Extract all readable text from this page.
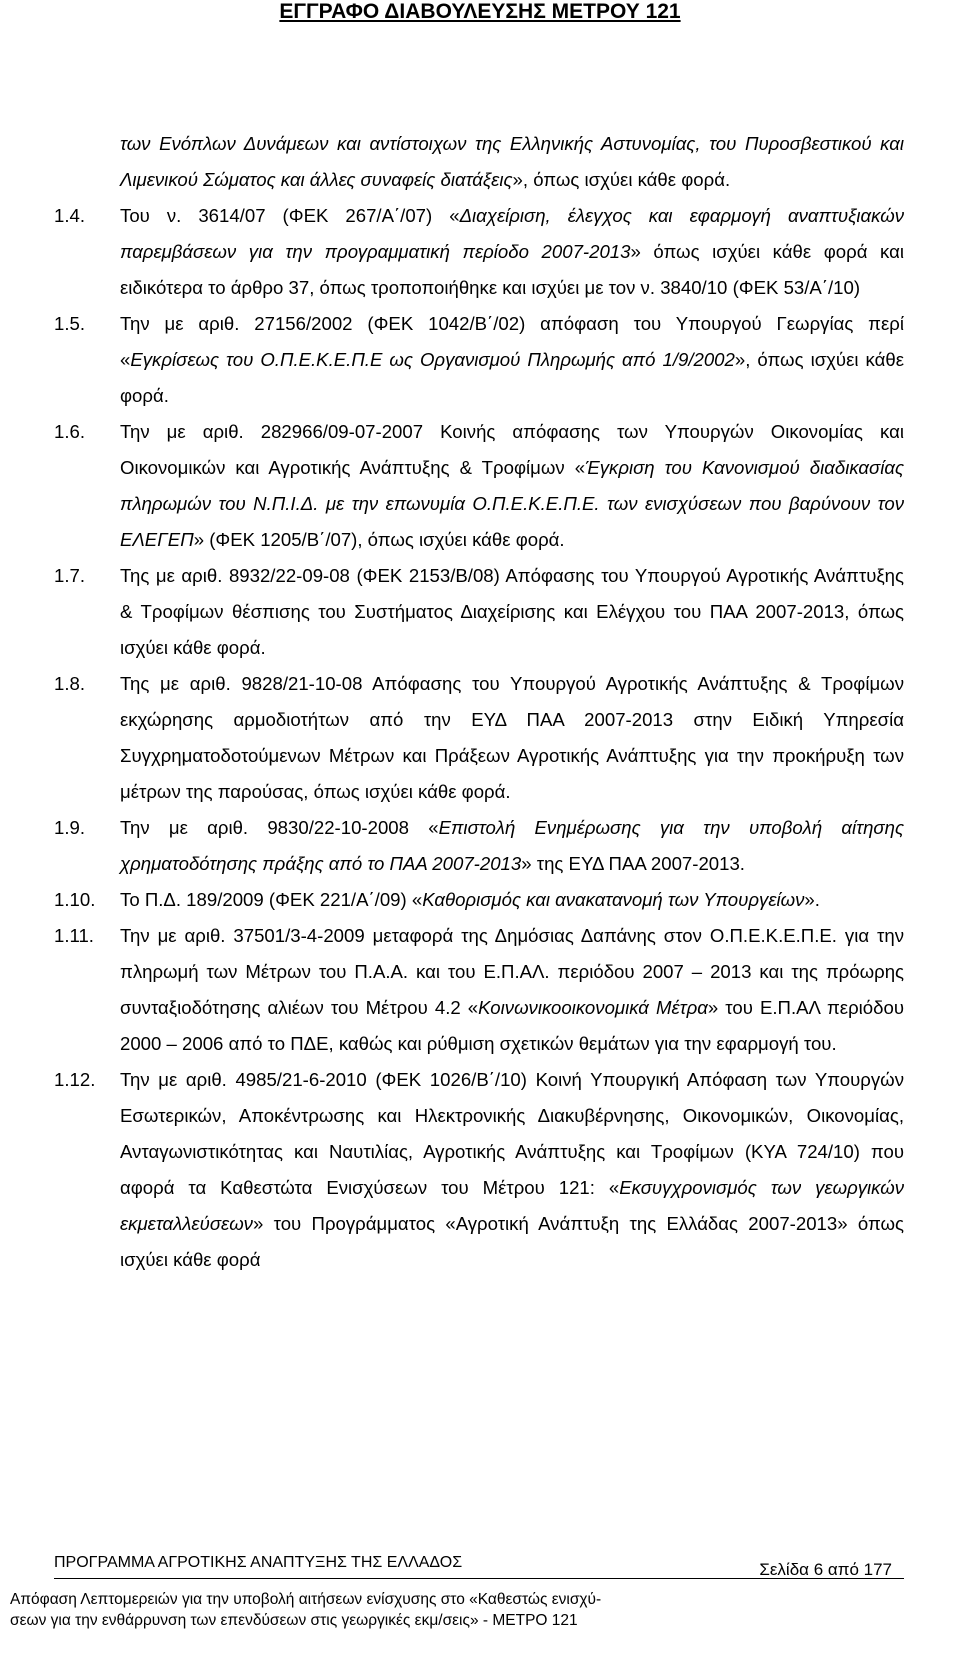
ΕΓΓΡΑΦΟ ΔΙΑΒΟΥΛΕΥΣΗΣ ΜΕΤΡΟΥ 121
των Ενόπλων Δυνάμεων και αντίστοιχων της Ελληνικής Αστυνομίας, του Πυροσβεστικού και Λιμενικού Σώματος και άλλες συναφείς διατάξεις», όπως ισχύει κάθε φορά.
1.4.	Του ν. 3614/07 (ΦΕΚ 267/Α΄/07) «Διαχείριση, έλεγχος και εφαρμογή αναπτυξιακών παρεμβάσεων για την προγραμματική περίοδο 2007-2013» όπως ισχύει κάθε φορά και ειδικότερα το άρθρο 37, όπως τροποποιήθηκε και ισχύει με τον ν. 3840/10 (ΦΕΚ 53/Α΄/10)
1.5.	Την με αριθ. 27156/2002 (ΦΕΚ 1042/Β΄/02) απόφαση του Υπουργού Γεωργίας περί «Εγκρίσεως του Ο.Π.Ε.Κ.Ε.Π.Ε ως Οργανισμού Πληρωμής από 1/9/2002», όπως ισχύει κάθε φορά.
1.6.	Την με αριθ. 282966/09-07-2007 Κοινής απόφασης των Υπουργών Οικονομίας και Οικονομικών και Αγροτικής Ανάπτυξης & Τροφίμων «Έγκριση του Κανονισμού διαδικασίας πληρωμών του Ν.Π.Ι.Δ. με την επωνυμία Ο.Π.Ε.Κ.Ε.Π.Ε. των ενισχύσεων που βαρύνουν τον ΕΛΕΓΕΠ» (ΦΕΚ 1205/Β΄/07), όπως ισχύει κάθε φορά.
1.7.	Της με αριθ. 8932/22-09-08 (ΦΕΚ 2153/Β/08) Απόφασης του Υπουργού Αγροτικής Ανάπτυξης & Τροφίμων θέσπισης του Συστήματος Διαχείρισης και Ελέγχου του ΠΑΑ 2007-2013, όπως ισχύει κάθε φορά.
1.8.	Της με αριθ. 9828/21-10-08 Απόφασης του Υπουργού Αγροτικής Ανάπτυξης & Τροφίμων εκχώρησης αρμοδιοτήτων από την ΕΥΔ ΠΑΑ 2007-2013 στην Ειδική Υπηρεσία Συγχρηματοδοτούμενων Μέτρων και Πράξεων Αγροτικής Ανάπτυξης για την προκήρυξη των μέτρων της παρούσας, όπως ισχύει κάθε φορά.
1.9.	Την με αριθ. 9830/22-10-2008 «Επιστολή Ενημέρωσης για την υποβολή αίτησης χρηματοδότησης πράξης από το ΠΑΑ 2007-2013» της ΕΥΔ ΠΑΑ 2007-2013.
1.10.	Το Π.Δ. 189/2009 (ΦΕΚ 221/Α΄/09) «Καθορισμός και ανακατανομή των Υπουργείων».
1.11.	Την με αριθ. 37501/3-4-2009 μεταφορά της Δημόσιας Δαπάνης στον Ο.Π.Ε.Κ.Ε.Π.Ε. για την πληρωμή των Μέτρων του Π.Α.Α. και του Ε.Π.ΑΛ. περιόδου 2007 – 2013 και της πρόωρης συνταξιοδότησης αλιέων του Μέτρου 4.2 «Κοινωνικοοικονομικά Μέτρα» του Ε.Π.ΑΛ περιόδου 2000 – 2006 από το ΠΔΕ, καθώς και ρύθμιση σχετικών θεμάτων για την εφαρμογή του.
1.12.	Την με αριθ. 4985/21-6-2010 (ΦΕΚ 1026/Β΄/10) Κοινή Υπουργική Απόφαση των Υπουργών Εσωτερικών, Αποκέντρωσης και Ηλεκτρονικής Διακυβέρνησης, Οικονομικών, Οικονομίας, Ανταγωνιστικότητας και Ναυτιλίας, Αγροτικής Ανάπτυξης και Τροφίμων (ΚΥΑ 724/10) που αφορά τα Καθεστώτα Ενισχύσεων του Μέτρου 121: «Εκσυγχρονισμός των γεωργικών εκμεταλλεύσεων» του Προγράμματος «Αγροτική Ανάπτυξη της Ελλάδας 2007-2013» όπως ισχύει κάθε φορά
ΠΡΟΓΡΑΜΜΑ ΑΓΡΟΤΙΚΗΣ ΑΝΑΠΤΥΞΗΣ ΤΗΣ ΕΛΛΑΔΟΣ	Σελίδα 6 από 177
Απόφαση Λεπτομερειών για την υποβολή αιτήσεων ενίσχυσης στο «Καθεστώς ενισχύ-
σεων για την ενθάρρυνση των επενδύσεων στις γεωργικές εκμ/σεις» - ΜΕΤΡΟ 121
